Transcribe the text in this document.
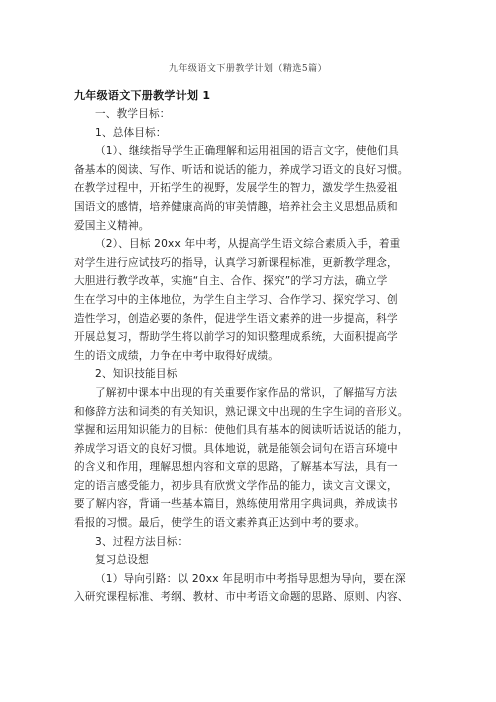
九年级语文下册教学计划（精选5篇）
九年级语文下册教学计划 1
一、教学目标：
1、总体目标：
（1）、继续指导学生正确理解和运用祖国的语言文字，使他们具
备基本的阅读、写作、听话和说话的能力，养成学习语文的良好习惯。
在教学过程中，开拓学生的视野，发展学生的智力，激发学生热爱祖
国语文的感情，培养健康高尚的审美情趣，培养社会主义思想品质和
爱国主义精神。
（2）、目标 20xx 年中考，从提高学生语文综合素质入手，着重
对学生进行应试技巧的指导，认真学习新课程标准，更新教学理念，
大胆进行教学改革，实施“自主、合作、探究”的学习方法，确立学
生在学习中的主体地位，为学生自主学习、合作学习、探究学习、创
造性学习，创造必要的条件，促进学生语文素养的进一步提高，科学
开展总复习，帮助学生将以前学习的知识整理成系统，大面积提高学
生的语文成绩，力争在中考中取得好成绩。
2、知识技能目标
了解初中课本中出现的有关重要作家作品的常识，了解描写方法
和修辞方法和词类的有关知识，熟记课文中出现的生字生词的音形义。
掌握和运用知识能力的目标：使他们具有基本的阅读听话说话的能力，
养成学习语文的良好习惯。具体地说，就是能领会词句在语言环境中
的含义和作用，理解思想内容和文章的思路，了解基本写法，具有一
定的语言感受能力，初步具有欣赏文学作品的能力，读文言文课文，
要了解内容，背诵一些基本篇目，熟练使用常用字典词典，养成读书
看报的习惯。最后，使学生的语文素养真正达到中考的要求。
3、过程方法目标：
复习总设想
（1）导向引路：以 20xx 年昆明市中考指导思想为导向，要在深
入研究课程标准、考纲、教材、市中考语文命题的思路、原则、内容、
